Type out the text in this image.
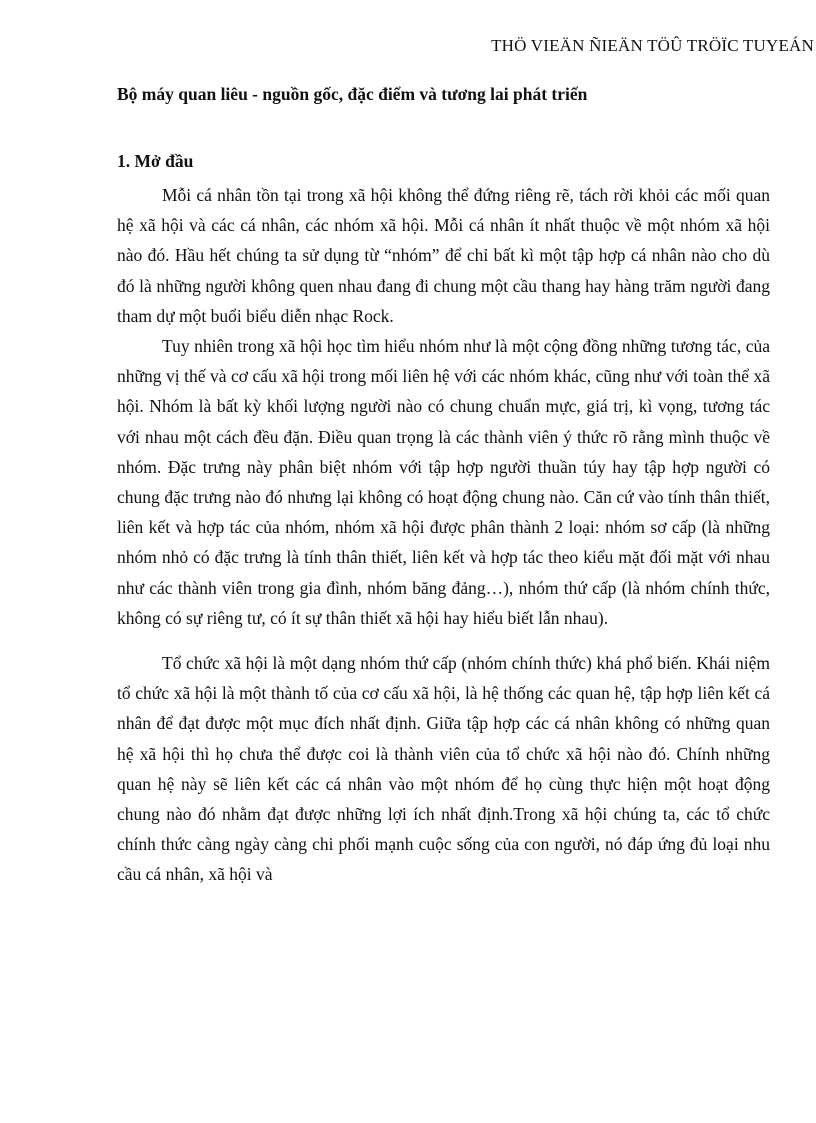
THÖ VIEÄN ÑIEÄN TÖÛ TRÖÏC TUYEÁN
Bộ máy quan liêu - nguồn gốc, đặc điểm và tương lai phát triển
1. Mở đầu

Mỗi cá nhân tồn tại trong xã hội không thể đứng riêng rẽ, tách rời khỏi các mối quan hệ xã hội và các cá nhân, các nhóm xã hội. Mỗi cá nhân ít nhất thuộc về một nhóm xã hội nào đó. Hầu hết chúng ta sử dụng từ “nhóm” để chỉ bất kì một tập hợp cá nhân nào cho dù đó là những người không quen nhau đang đi chung một cầu thang hay hàng trăm người đang tham dự một buổi biểu diễn nhạc Rock.

Tuy nhiên trong xã hội học tìm hiểu nhóm như là một cộng đồng những tương tác, của những vị thế và cơ cấu xã hội trong mối liên hệ với các nhóm khác, cũng như với toàn thể xã hội. Nhóm là bất kỳ khối lượng người nào có chung chuẩn mực, giá trị, kì vọng, tương tác với nhau một cách đều đặn. Điều quan trọng là các thành viên ý thức rõ rằng mình thuộc về nhóm. Đặc trưng này phân biệt nhóm với tập hợp người thuần túy hay tập hợp người có chung đặc trưng nào đó nhưng lại không có hoạt động chung nào. Căn cứ vào tính thân thiết, liên kết và hợp tác của nhóm, nhóm xã hội được phân thành 2 loại: nhóm sơ cấp (là những nhóm nhỏ có đặc trưng là tính thân thiết, liên kết và hợp tác theo kiểu mặt đối mặt với nhau như các thành viên trong gia đình, nhóm băng đảng…), nhóm thứ cấp (là nhóm chính thức, không có sự riêng tư, có ít sự thân thiết xã hội hay hiểu biết lẫn nhau).

Tổ chức xã hội là một dạng nhóm thứ cấp (nhóm chính thức) khá phổ biến. Khái niệm tổ chức xã hội là một thành tố của cơ cấu xã hội, là hệ thống các quan hệ, tập hợp liên kết cá nhân để đạt được một mục đích nhất định. Giữa tập hợp các cá nhân không có những quan hệ xã hội thì họ chưa thể được coi là thành viên của tổ chức xã hội nào đó. Chính những quan hệ này sẽ liên kết các cá nhân vào một nhóm để họ cùng thực hiện một hoạt động chung nào đó nhằm đạt được những lợi ích nhất định.Trong xã hội chúng ta, các tổ chức chính thức càng ngày càng chi phối mạnh cuộc sống của con người, nó đáp ứng đủ loại nhu cầu cá nhân, xã hội và
